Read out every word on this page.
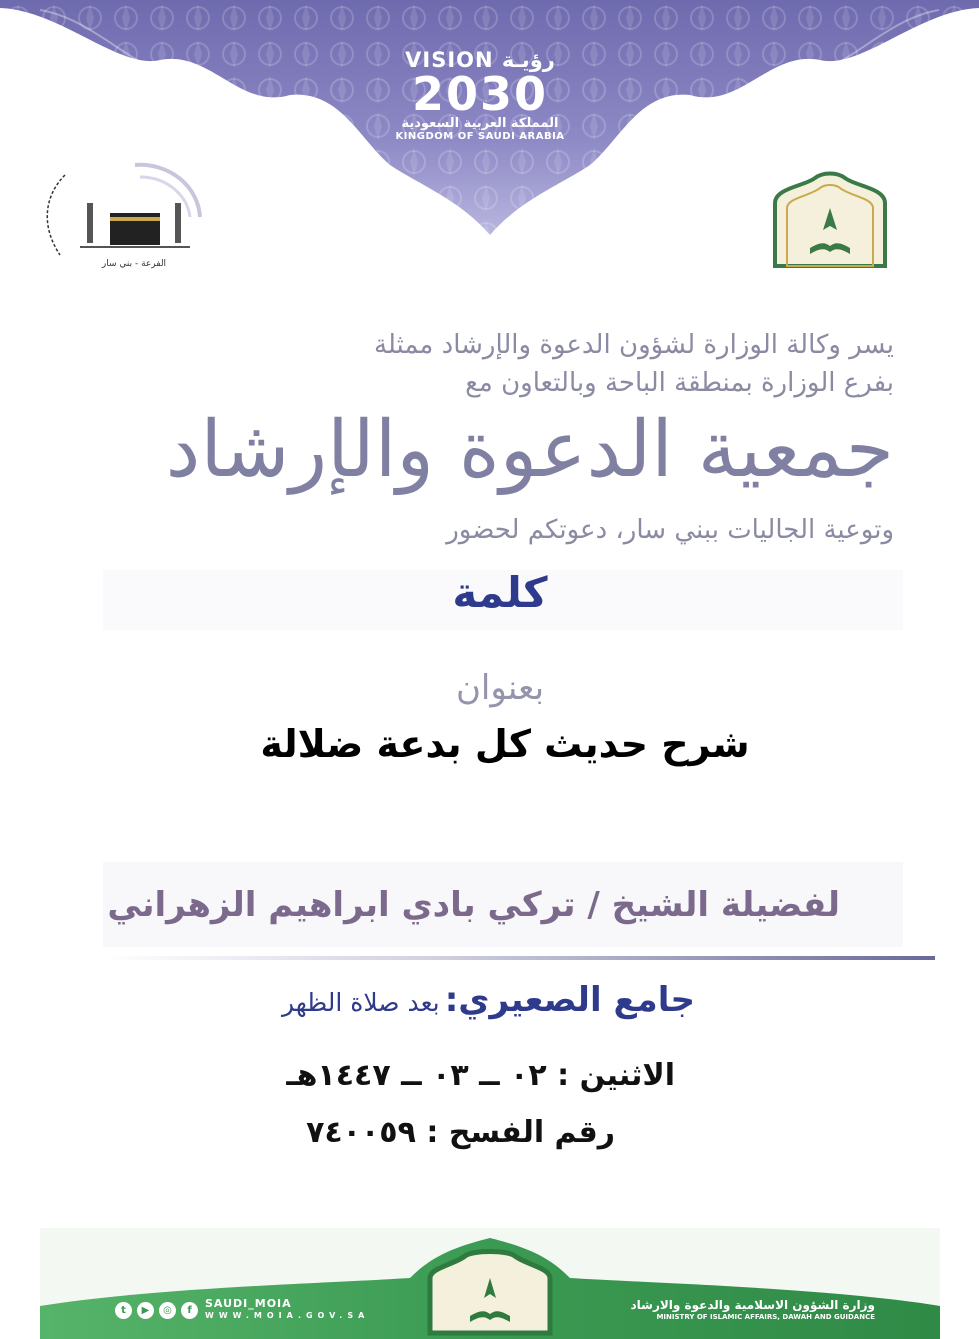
VISION رؤيـة
2030
المملكة العربية السعودية
KINGDOM OF SAUDI ARABIA
الفرعة - بني سار
يسر وكالة الوزارة لشؤون الدعوة والإرشاد ممثلة
بفرع الوزارة بمنطقة الباحة وبالتعاون مع
جمعية الدعوة والإرشاد
وتوعية الجاليات ببني سار، دعوتكم لحضور
كلمة
بعنوان
شرح حديث كل بدعة ضلالة
لفضيلة الشيخ / تركي بادي ابراهيم الزهراني
جامع الصعيري: بعد صلاة الظهر
الاثنين : ٠٢ ــ ٠٣ ــ ١٤٤٧هـ
رقم الفسح : ٧٤٠٠٥٩
t	▶	◎	f
SAUDI_MOIA
WWW.MOIA.GOV.SA
وزارة الشؤون الاسلامية والدعوة والارشاد
MINISTRY OF ISLAMIC AFFAIRS, DAWAH AND GUIDANCE
